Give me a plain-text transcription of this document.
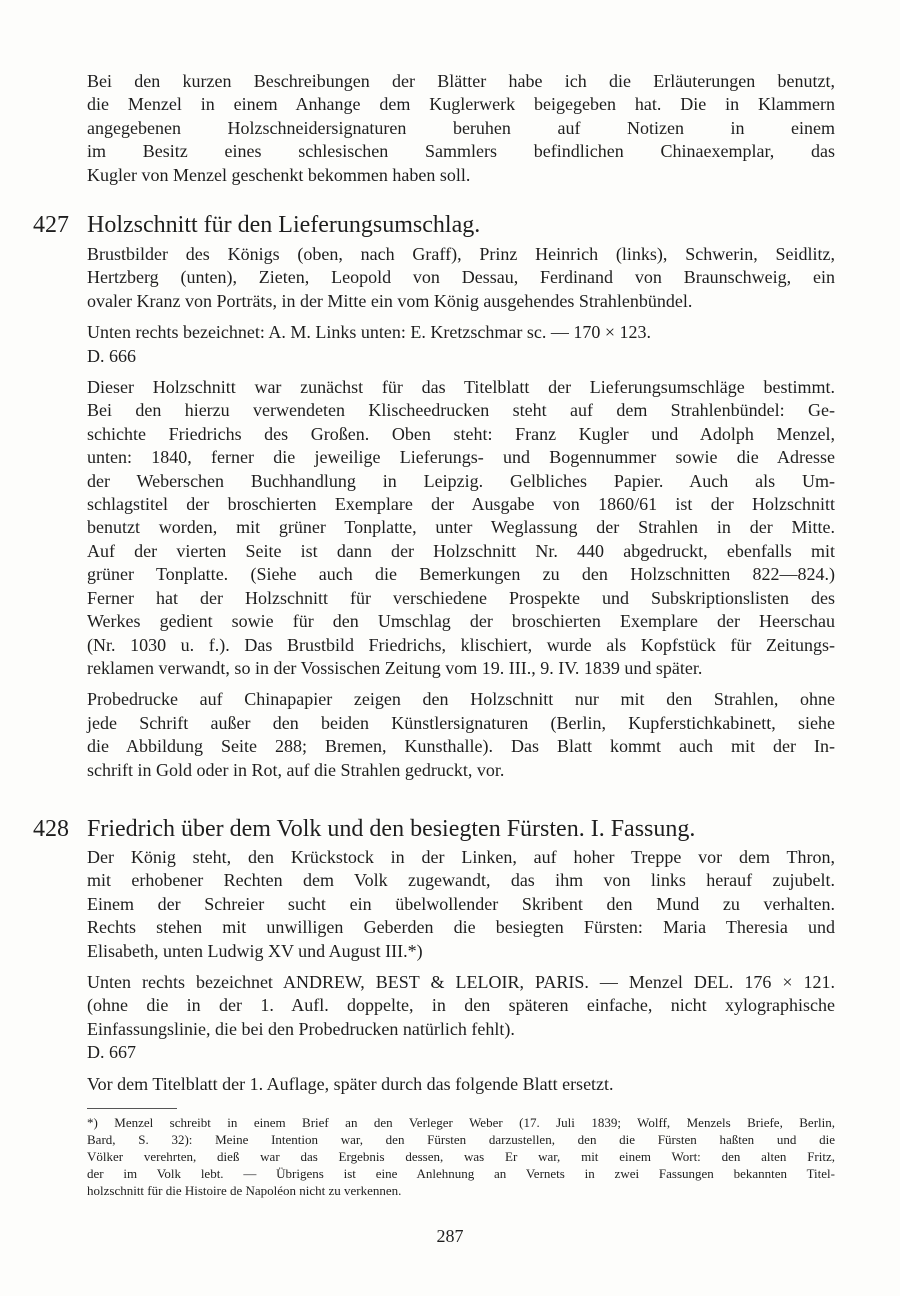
Bei den kurzen Beschreibungen der Blätter habe ich die Erläuterungen benutzt,
die Menzel in einem Anhange dem Kuglerwerk beigegeben hat. Die in Klammern
angegebenen Holzschneidersignaturen beruhen auf Notizen in einem
im Besitz eines schlesischen Sammlers befindlichen Chinaexemplar, das
Kugler von Menzel geschenkt bekommen haben soll.
427 Holzschnitt für den Lieferungsumschlag.
Brustbilder des Königs (oben, nach Graff), Prinz Heinrich (links), Schwerin, Seidlitz,
Hertzberg (unten), Zieten, Leopold von Dessau, Ferdinand von Braunschweig, ein
ovaler Kranz von Porträts, in der Mitte ein vom König ausgehendes Strahlenbündel.
Unten rechts bezeichnet: A. M. Links unten: E. Kretzschmar sc. — 170 × 123.
D. 666
Dieser Holzschnitt war zunächst für das Titelblatt der Lieferungsumschläge bestimmt.
Bei den hierzu verwendeten Klischeedrucken steht auf dem Strahlenbündel: Ge-
schichte Friedrichs des Großen. Oben steht: Franz Kugler und Adolph Menzel,
unten: 1840, ferner die jeweilige Lieferungs- und Bogennummer sowie die Adresse
der Weberschen Buchhandlung in Leipzig. Gelbliches Papier. Auch als Um-
schlagstitel der broschierten Exemplare der Ausgabe von 1860/61 ist der Holzschnitt
benutzt worden, mit grüner Tonplatte, unter Weglassung der Strahlen in der Mitte.
Auf der vierten Seite ist dann der Holzschnitt Nr. 440 abgedruckt, ebenfalls mit
grüner Tonplatte. (Siehe auch die Bemerkungen zu den Holzschnitten 822—824.)
Ferner hat der Holzschnitt für verschiedene Prospekte und Subskriptionslisten des
Werkes gedient sowie für den Umschlag der broschierten Exemplare der Heerschau
(Nr. 1030 u. f.). Das Brustbild Friedrichs, klischiert, wurde als Kopfstück für Zeitungs-
reklamen verwandt, so in der Vossischen Zeitung vom 19. III., 9. IV. 1839 und später.
Probedrucke auf Chinapapier zeigen den Holzschnitt nur mit den Strahlen, ohne
jede Schrift außer den beiden Künstlersignaturen (Berlin, Kupferstichkabinett, siehe
die Abbildung Seite 288; Bremen, Kunsthalle). Das Blatt kommt auch mit der In-
schrift in Gold oder in Rot, auf die Strahlen gedruckt, vor.
428 Friedrich über dem Volk und den besiegten Fürsten. I. Fassung.
Der König steht, den Krückstock in der Linken, auf hoher Treppe vor dem Thron,
mit erhobener Rechten dem Volk zugewandt, das ihm von links herauf zujubelt.
Einem der Schreier sucht ein übelwollender Skribent den Mund zu verhalten.
Rechts stehen mit unwilligen Geberden die besiegten Fürsten: Maria Theresia und
Elisabeth, unten Ludwig XV und August III.*)
Unten rechts bezeichnet ANDREW, BEST & LELOIR, PARIS. — Menzel DEL. 176 × 121.
(ohne die in der 1. Aufl. doppelte, in den späteren einfache, nicht xylographische
Einfassungslinie, die bei den Probedrucken natürlich fehlt).
D. 667
Vor dem Titelblatt der 1. Auflage, später durch das folgende Blatt ersetzt.
*) Menzel schreibt in einem Brief an den Verleger Weber (17. Juli 1839; Wolff, Menzels Briefe, Berlin,
Bard, S. 32): Meine Intention war, den Fürsten darzustellen, den die Fürsten haßten und die
Völker verehrten, dieß war das Ergebnis dessen, was Er war, mit einem Wort: den alten Fritz,
der im Volk lebt. — Übrigens ist eine Anlehnung an Vernets in zwei Fassungen bekannten Titel-
holzschnitt für die Histoire de Napoléon nicht zu verkennen.
287
